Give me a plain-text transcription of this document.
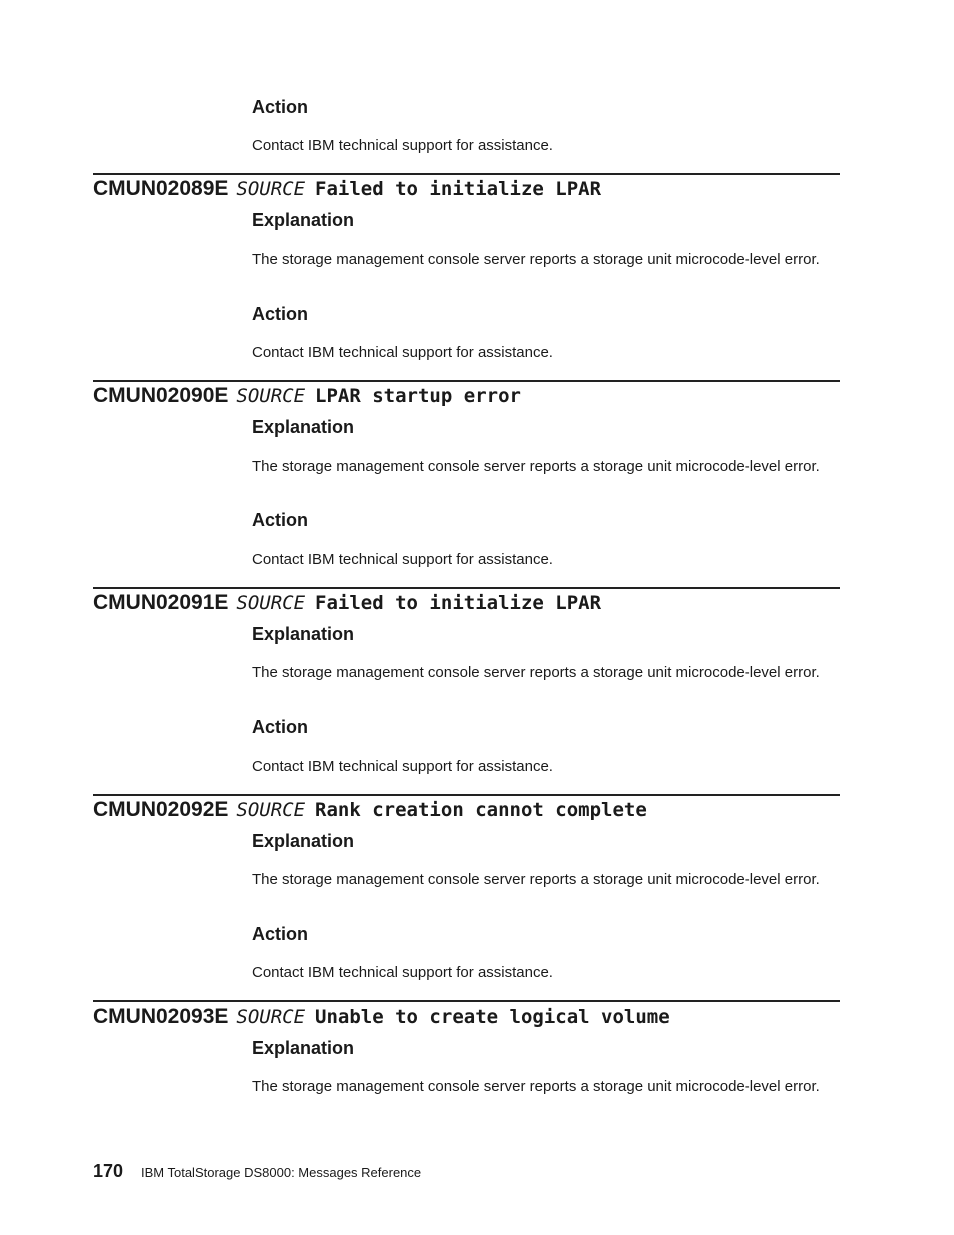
Action
Contact IBM technical support for assistance.
CMUN02089E SOURCE Failed to initialize LPAR
Explanation
The storage management console server reports a storage unit microcode-level error.
Action
Contact IBM technical support for assistance.
CMUN02090E SOURCE LPAR startup error
Explanation
The storage management console server reports a storage unit microcode-level error.
Action
Contact IBM technical support for assistance.
CMUN02091E SOURCE Failed to initialize LPAR
Explanation
The storage management console server reports a storage unit microcode-level error.
Action
Contact IBM technical support for assistance.
CMUN02092E SOURCE Rank creation cannot complete
Explanation
The storage management console server reports a storage unit microcode-level error.
Action
Contact IBM technical support for assistance.
CMUN02093E SOURCE Unable to create logical volume
Explanation
The storage management console server reports a storage unit microcode-level error.
170 IBM TotalStorage DS8000: Messages Reference
